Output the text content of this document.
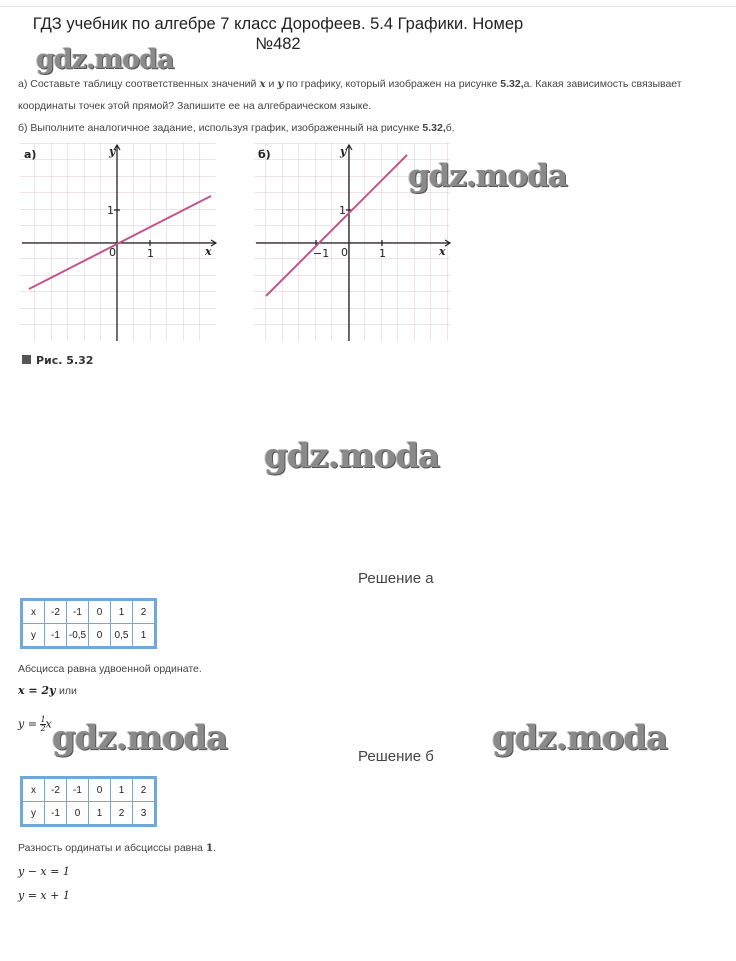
ГДЗ учебник по алгебре 7 класс Дорофеев. 5.4 Графики. Номер №482
gdz.moda
а) Составьте таблицу соответственных значений x и y по графику, который изображен на рисунке 5.32,а. Какая зависимость связывает
координаты точек этой прямой? Запишите ее на алгебраическом языке.
б) Выполните аналогичное задание, используя график, изображенный на рисунке 5.32,б.
а)	y
x
0	1
1
б)	y
x
0	1
−1
1
Рис. 5.32
gdz.moda
gdz.moda
Решение а
x	-2	-1	0	1	2
y	-1	-0,5	0	0,5	1
Абсцисса равна удвоенной ординате.
x = 2y или
$y = \frac{1}{2}$ x gdz.moda	gdz.moda
Решение б
x	-2	-1	0	1	2
y	-1	0	1	2	3
Разность ординаты и абсциссы равна 1.
y − x = 1
y = x + 1
